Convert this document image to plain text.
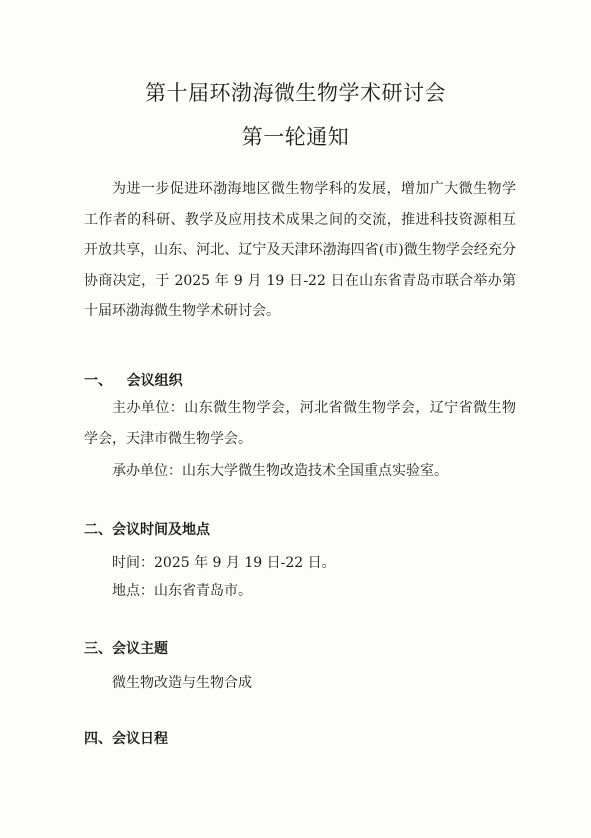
第十届环渤海微生物学术研讨会
第一轮通知

为进一步促进环渤海地区微生物学科的发展，增加广大微生物学工作者的科研、教学及应用技术成果之间的交流，推进科技资源相互开放共享，山东、河北、辽宁及天津环渤海四省(市)微生物学会经充分协商决定，于 2025 年 9 月 19 日-22 日在山东省青岛市联合举办第十届环渤海微生物学术研讨会。

一、   会议组织

主办单位：山东微生物学会，河北省微生物学会，辽宁省微生物学会，天津市微生物学会。

承办单位：山东大学微生物改造技术全国重点实验室。

二、会议时间及地点

时间：2025 年 9 月 19 日-22 日。

地点：山东省青岛市。

三、会议主题

微生物改造与生物合成

四、会议日程
